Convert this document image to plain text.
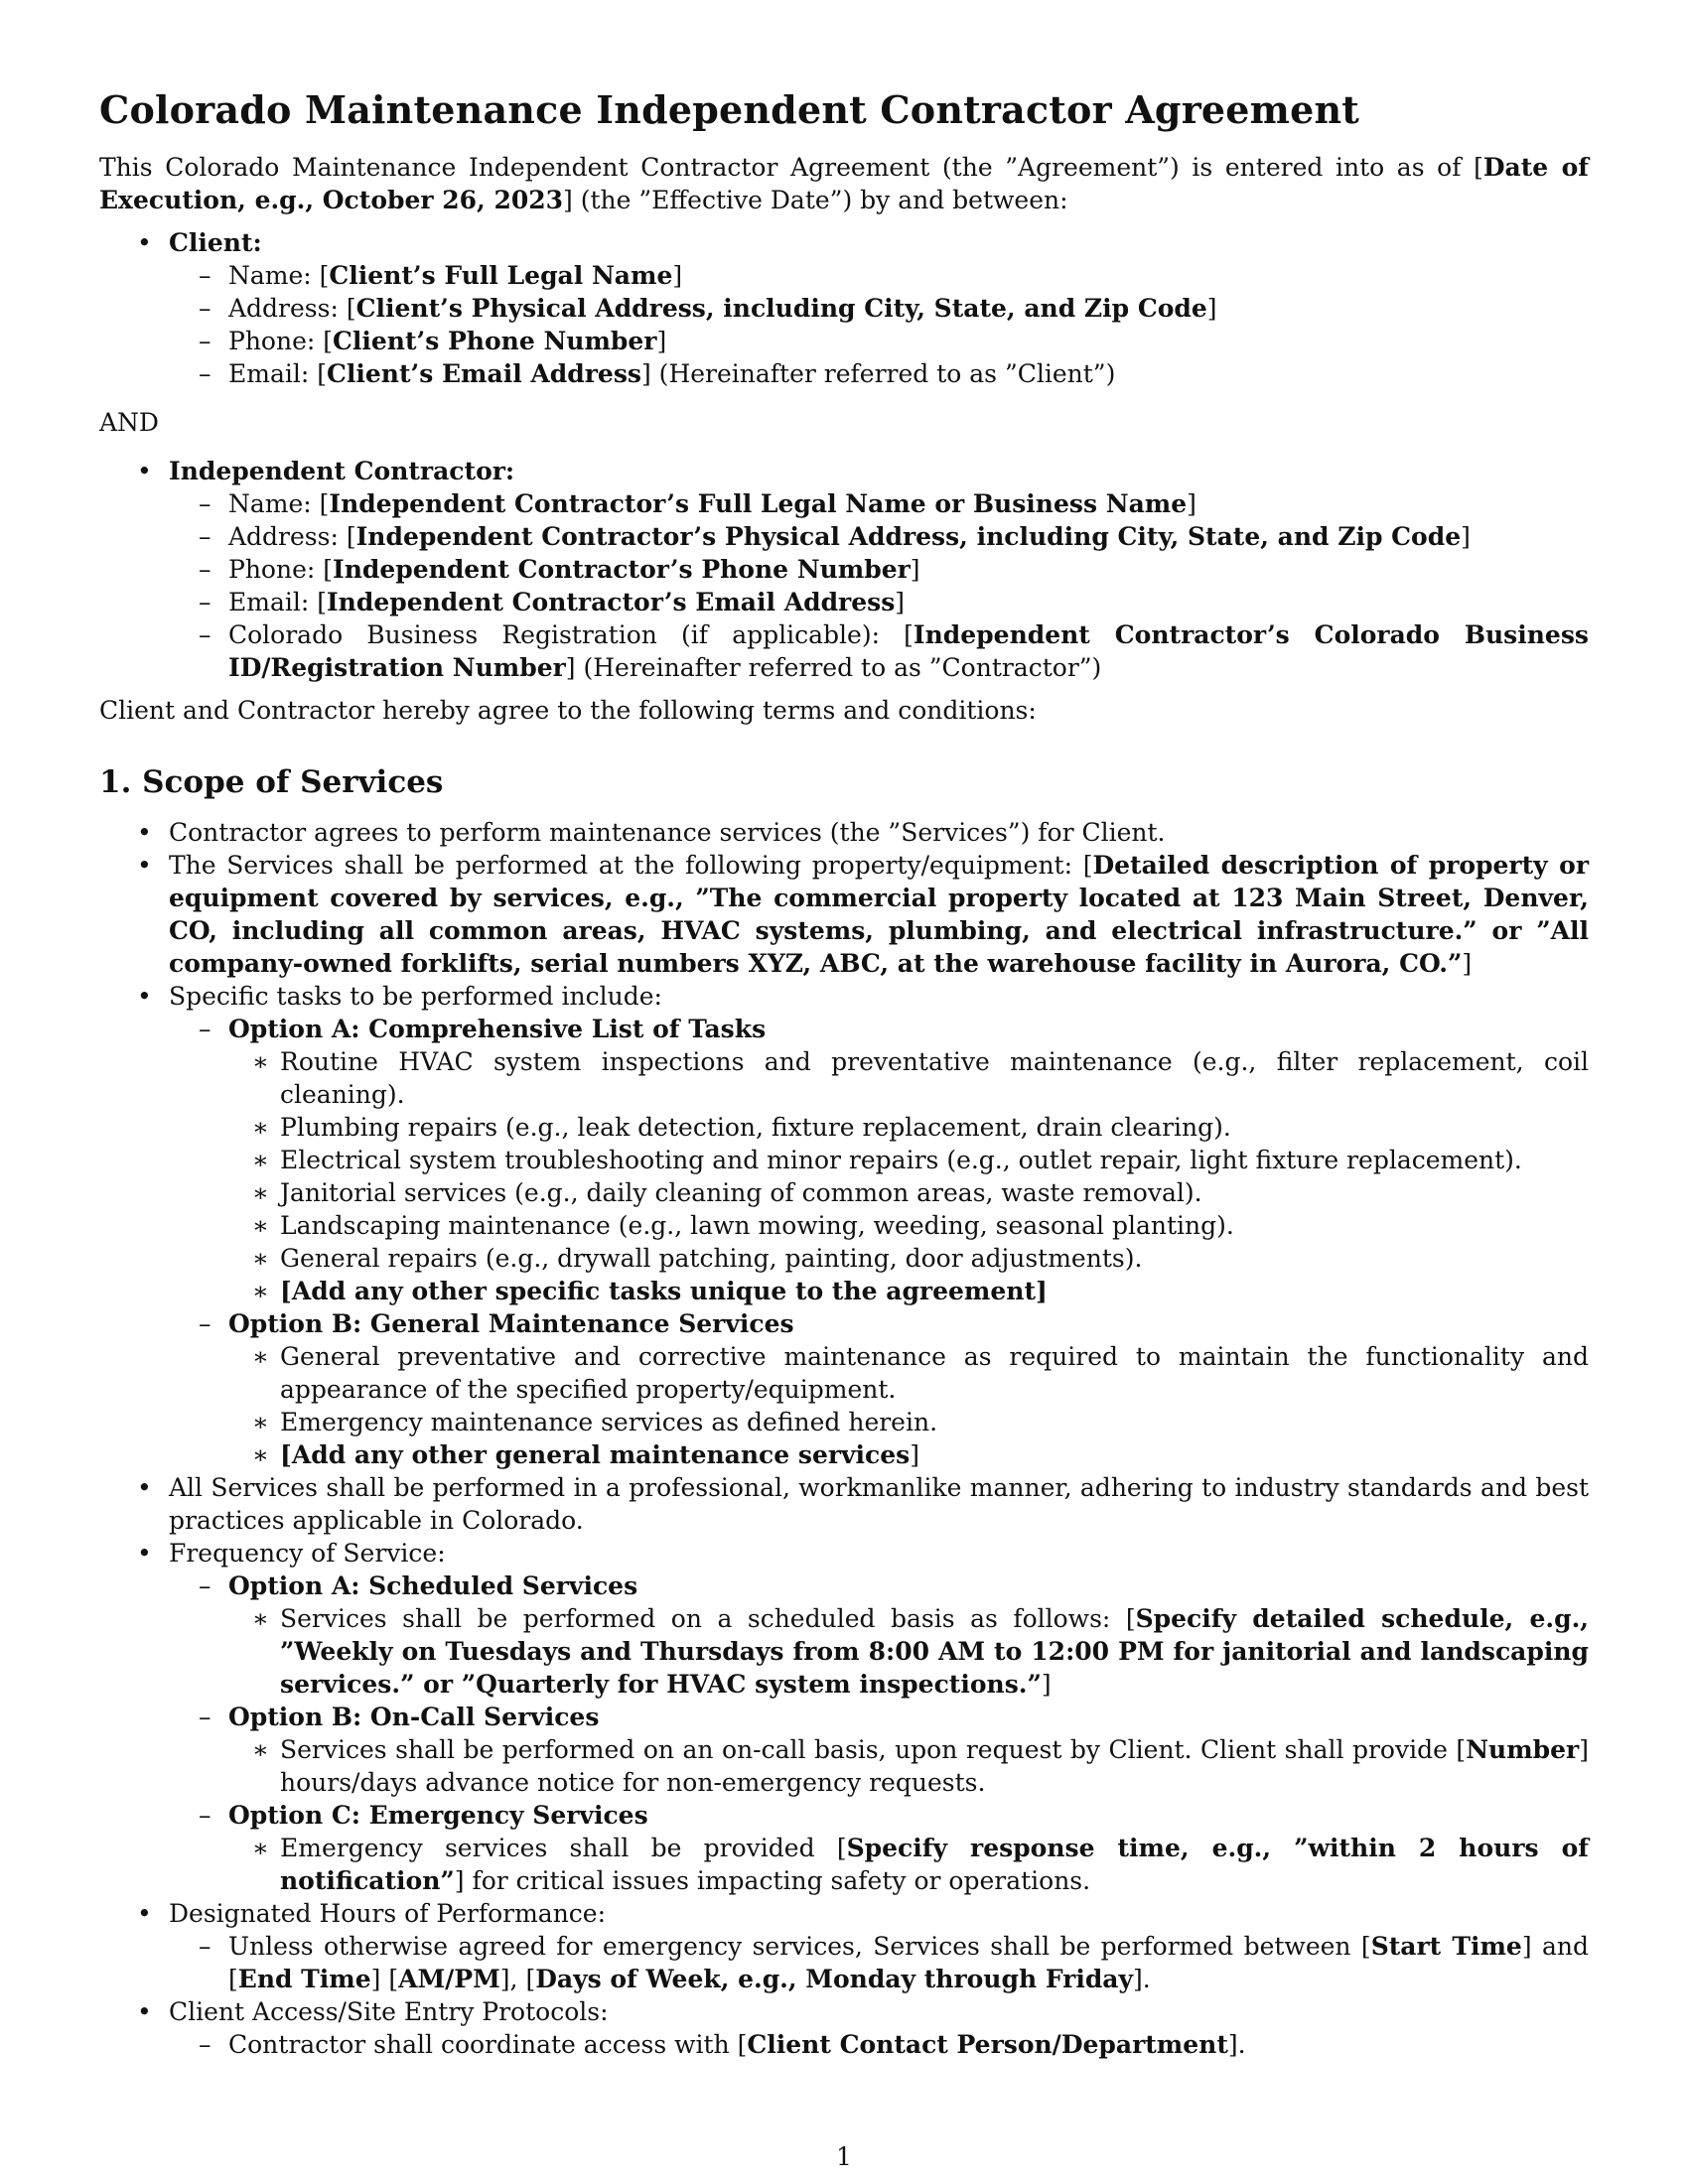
Colorado Maintenance Independent Contractor Agreement

This Colorado Maintenance Independent Contractor Agreement (the ”Agreement”) is entered into as of [Date of Execution, e.g., October 26, 2023] (the ”Effective Date”) by and between:

• Client:
– Name: [Client’s Full Legal Name]
– Address: [Client’s Physical Address, including City, State, and Zip Code]
– Phone: [Client’s Phone Number]
– Email: [Client’s Email Address] (Hereinafter referred to as ”Client”)

AND

• Independent Contractor:
– Name: [Independent Contractor’s Full Legal Name or Business Name]
– Address: [Independent Contractor’s Physical Address, including City, State, and Zip Code]
– Phone: [Independent Contractor’s Phone Number]
– Email: [Independent Contractor’s Email Address]
– Colorado Business Registration (if applicable): [Independent Contractor’s Colorado Business ID/Registration Number] (Hereinafter referred to as ”Contractor”)

Client and Contractor hereby agree to the following terms and conditions:

1. Scope of Services
• Contractor agrees to perform maintenance services (the ”Services”) for Client.
• The Services shall be performed at the following property/equipment: [Detailed description of property or equipment covered by services, e.g., ”The commercial property located at 123 Main Street, Denver, CO, including all common areas, HVAC systems, plumbing, and electrical infrastructure.” or ”All company-owned forklifts, serial numbers XYZ, ABC, at the warehouse facility in Aurora, CO.”]
• Specific tasks to be performed include:
– Option A: Comprehensive List of Tasks
∗ Routine HVAC system inspections and preventative maintenance (e.g., filter replacement, coil cleaning).
∗ Plumbing repairs (e.g., leak detection, fixture replacement, drain clearing).
∗ Electrical system troubleshooting and minor repairs (e.g., outlet repair, light fixture replacement).
∗ Janitorial services (e.g., daily cleaning of common areas, waste removal).
∗ Landscaping maintenance (e.g., lawn mowing, weeding, seasonal planting).
∗ General repairs (e.g., drywall patching, painting, door adjustments).
∗ [Add any other specific tasks unique to the agreement]
– Option B: General Maintenance Services
∗ General preventative and corrective maintenance as required to maintain the functionality and appearance of the specified property/equipment.
∗ Emergency maintenance services as defined herein.
∗ [Add any other general maintenance services]
• All Services shall be performed in a professional, workmanlike manner, adhering to industry standards and best practices applicable in Colorado.
• Frequency of Service:
– Option A: Scheduled Services
∗ Services shall be performed on a scheduled basis as follows: [Specify detailed schedule, e.g., ”Weekly on Tuesdays and Thursdays from 8:00 AM to 12:00 PM for janitorial and landscaping services.” or ”Quarterly for HVAC system inspections.”]
– Option B: On-Call Services
∗ Services shall be performed on an on-call basis, upon request by Client. Client shall provide [Number] hours/days advance notice for non-emergency requests.
– Option C: Emergency Services
∗ Emergency services shall be provided [Specify response time, e.g., ”within 2 hours of notification”] for critical issues impacting safety or operations.
• Designated Hours of Performance:
– Unless otherwise agreed for emergency services, Services shall be performed between [Start Time] and [End Time] [AM/PM], [Days of Week, e.g., Monday through Friday].
• Client Access/Site Entry Protocols:
– Contractor shall coordinate access with [Client Contact Person/Department].
1
